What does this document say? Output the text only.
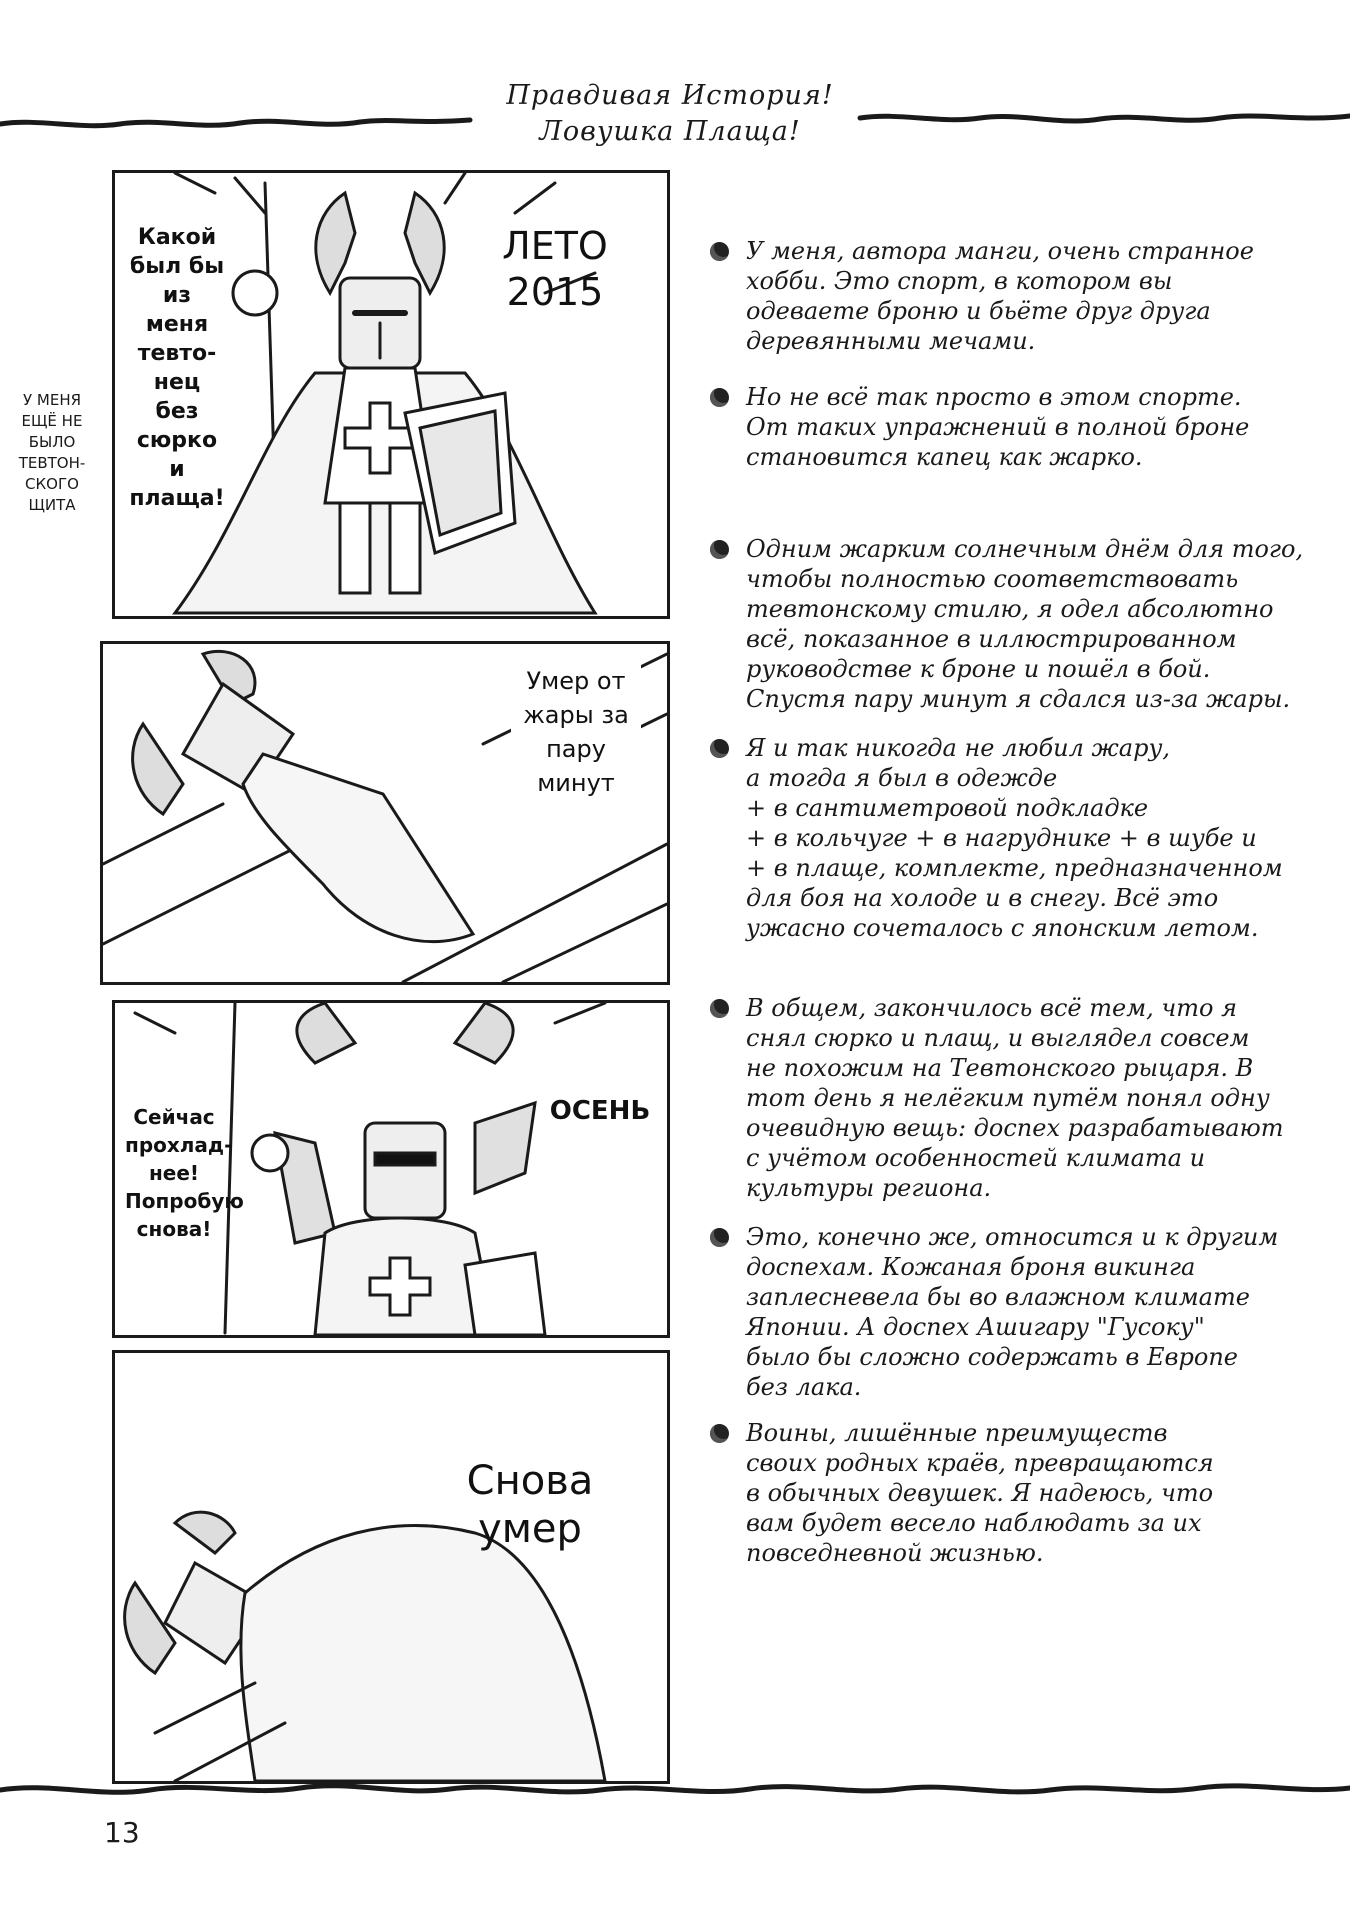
Правдивая История!
Ловушка Плаща!
У МЕНЯ ЕЩЁ НЕ БЫЛО ТЕВТОН-СКОГО ЩИТА
Какой был бы из меня тевто-нец без сюрко и плаща!
ЛЕТО 2015
Умер от жары за пару минут
Сейчас прохлад-нее! Попробую снова!
ОСЕНЬ
Снова умер
У меня, автора манги, очень странное
хобби. Это спорт, в котором вы
одеваете броню и бьёте друг друга
деревянными мечами.
Но не всё так просто в этом спорте.
От таких упражнений в полной броне
становится капец как жарко.
Одним жарким солнечным днём для того,
чтобы полностью соответствовать
тевтонскому стилю, я одел абсолютно
всё, показанное в иллюстрированном
руководстве к броне и пошёл в бой.
Спустя пару минут я сдался из-за жары.
Я и так никогда не любил жару,
а тогда я был в одежде
+ в сантиметровой подкладке
+ в кольчуге + в нагруднике + в шубе и
+ в плаще, комплекте, предназначенном
для боя на холоде и в снегу. Всё это
ужасно сочеталось с японским летом.
В общем, закончилось всё тем, что я
снял сюрко и плащ, и выглядел совсем
не похожим на Тевтонского рыцаря. В
тот день я нелёгким путём понял одну
очевидную вещь: доспех разрабатывают
с учётом особенностей климата и
культуры региона.
Это, конечно же, относится и к другим
доспехам. Кожаная броня викинга
заплесневела бы во влажном климате
Японии. А доспех Ашигару "Гусоку"
было бы сложно содержать в Европе
без лака.
Воины, лишённые преимуществ
своих родных краёв, превращаются
в обычных девушек. Я надеюсь, что
вам будет весело наблюдать за их
повседневной жизнью.
13
